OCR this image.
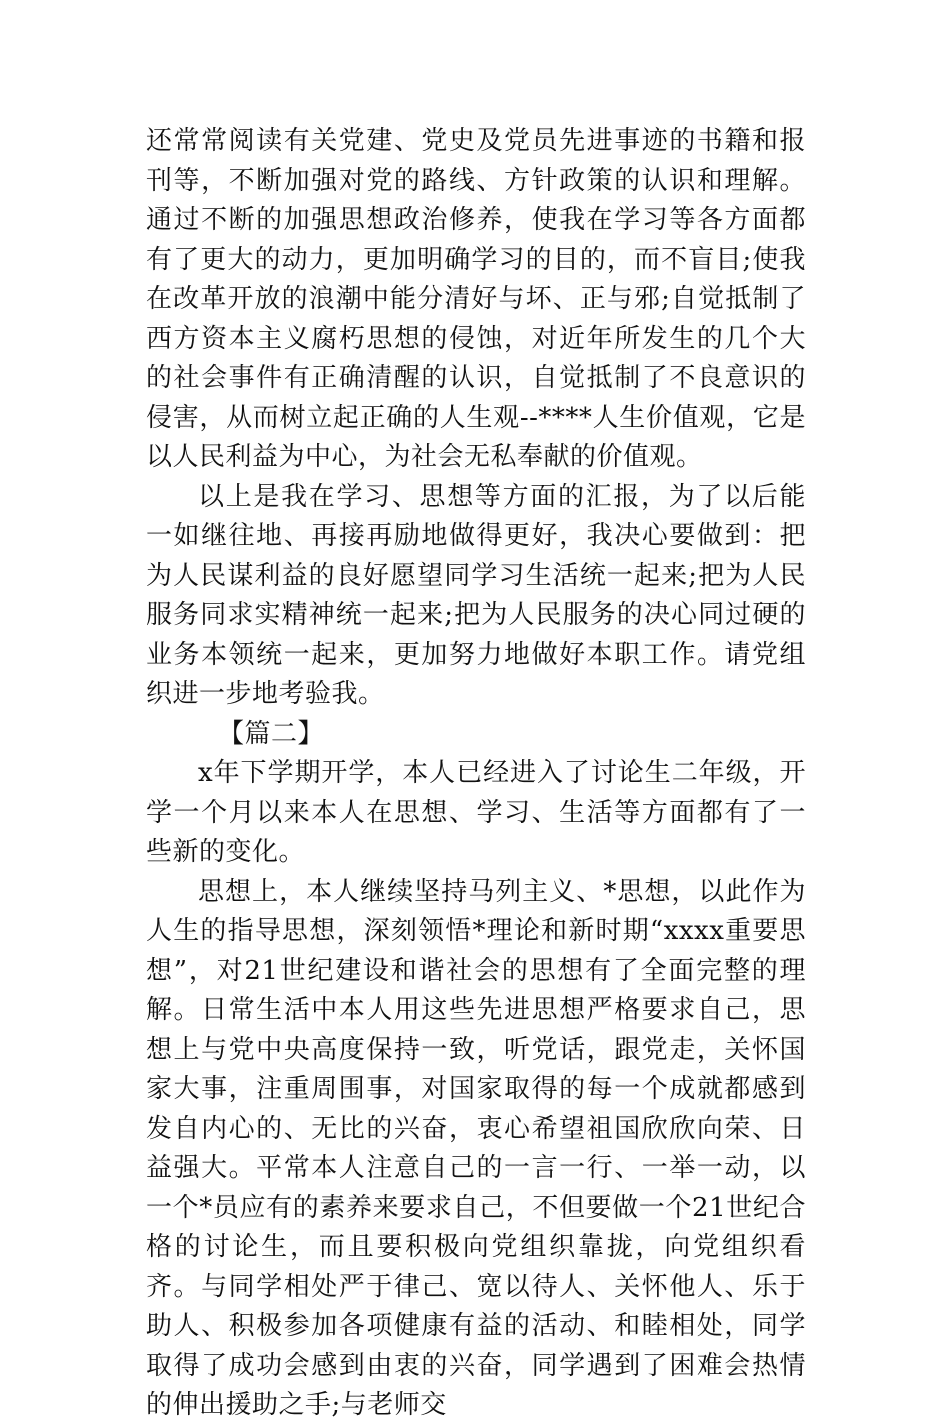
还常常阅读有关党建、党史及党员先进事迹的书籍和报刊等，不断加强对党的路线、方针政策的认识和理解。通过不断的加强思想政治修养，使我在学习等各方面都有了更大的动力，更加明确学习的目的，而不盲目;使我在改革开放的浪潮中能分清好与坏、正与邪;自觉抵制了西方资本主义腐朽思想的侵蚀，对近年所发生的几个大的社会事件有正确清醒的认识，自觉抵制了不良意识的侵害，从而树立起正确的人生观--****人生价值观，它是以人民利益为中心，为社会无私奉献的价值观。

以上是我在学习、思想等方面的汇报，为了以后能一如继往地、再接再励地做得更好，我决心要做到：把为人民谋利益的良好愿望同学习生活统一起来;把为人民服务同求实精神统一起来;把为人民服务的决心同过硬的业务本领统一起来，更加努力地做好本职工作。请党组织进一步地考验我。

【篇二】

x年下学期开学，本人已经进入了讨论生二年级，开学一个月以来本人在思想、学习、生活等方面都有了一些新的变化。

思想上，本人继续坚持马列主义、*思想，以此作为人生的指导思想，深刻领悟*理论和新时期“xxxx重要思想”，对21世纪建设和谐社会的思想有了全面完整的理解。日常生活中本人用这些先进思想严格要求自己，思想上与党中央高度保持一致，听党话，跟党走，关怀国家大事，注重周围事，对国家取得的每一个成就都感到发自内心的、无比的兴奋，衷心希望祖国欣欣向荣、日益强大。平常本人注意自己的一言一行、一举一动，以一个*员应有的素养来要求自己，不但要做一个21世纪合格的讨论生，而且要积极向党组织靠拢，向党组织看齐。与同学相处严于律己、宽以待人、关怀他人、乐于助人、积极参加各项健康有益的活动、和睦相处，同学取得了成功会感到由衷的兴奋，同学遇到了困难会热情的伸出援助之手;与老师交
